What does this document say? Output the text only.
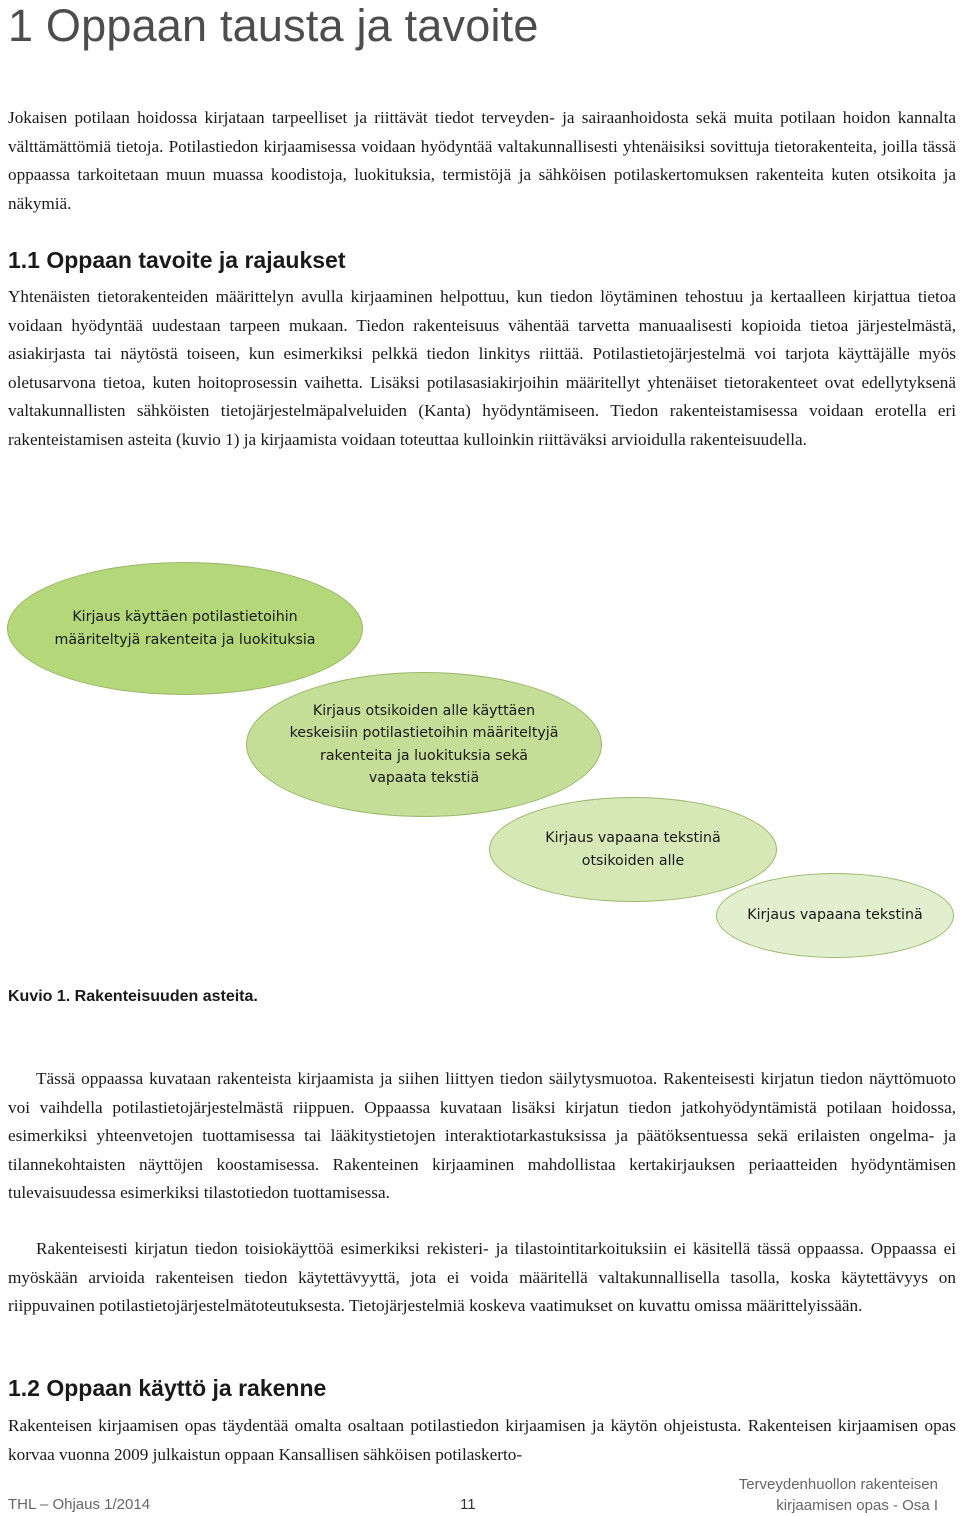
1 Oppaan tausta ja tavoite

Jokaisen potilaan hoidossa kirjataan tarpeelliset ja riittävät tiedot terveyden- ja sairaanhoidosta sekä muita potilaan hoidon kannalta välttämättömiä tietoja. Potilastiedon kirjaamisessa voidaan hyödyntää valtakunnallisesti yhtenäisiksi sovittuja tietorakenteita, joilla tässä oppaassa tarkoitetaan muun muassa koodistoja, luokituksia, termistöjä ja sähköisen potilaskertomuksen rakenteita kuten otsikoita ja näkymiä.

1.1 Oppaan tavoite ja rajaukset

Yhtenäisten tietorakenteiden määrittelyn avulla kirjaaminen helpottuu, kun tiedon löytäminen tehostuu ja kertaalleen kirjattua tietoa voidaan hyödyntää uudestaan tarpeen mukaan. Tiedon rakenteisuus vähentää tarvetta manuaalisesti kopioida tietoa järjestelmästä, asiakirjasta tai näytöstä toiseen, kun esimerkiksi pelkkä tiedon linkitys riittää. Potilastietojärjestelmä voi tarjota käyttäjälle myös oletusarvona tietoa, kuten hoitoprosessin vaihetta. Lisäksi potilasasiakirjoihin määritellyt yhtenäiset tietorakenteet ovat edellytyksenä valtakunnallisten sähköisten tietojärjestelmäpalveluiden (Kanta) hyödyntämiseen. Tiedon rakenteistamisessa voidaan erotella eri rakenteistamisen asteita (kuvio 1) ja kirjaamista voidaan toteuttaa kulloinkin riittäväksi arvioidulla rakenteisuudella.

Kirjaus käyttäen potilastietoihin
määriteltyjä rakenteita ja luokituksia
Kirjaus otsikoiden alle käyttäen
keskeisiin potilastietoihin määriteltyjä
rakenteita ja luokituksia sekä
vapaata tekstiä
Kirjaus vapaana tekstinä
otsikoiden alle
Kirjaus vapaana tekstinä

Kuvio 1. Rakenteisuuden asteita.

Tässä oppaassa kuvataan rakenteista kirjaamista ja siihen liittyen tiedon säilytysmuotoa. Rakenteisesti kirjatun tiedon näyttömuoto voi vaihdella potilastietojärjestelmästä riippuen. Oppaassa kuvataan lisäksi kirjatun tiedon jatkohyödyntämistä potilaan hoidossa, esimerkiksi yhteenvetojen tuottamisessa tai lääkitystietojen interaktiotarkastuksissa ja päätöksentuessa sekä erilaisten ongelma- ja tilannekohtaisten näyttöjen koostamisessa. Rakenteinen kirjaaminen mahdollistaa kertakirjauksen periaatteiden hyödyntämisen tulevaisuudessa esimerkiksi tilastotiedon tuottamisessa.

Rakenteisesti kirjatun tiedon toisiokäyttöä esimerkiksi rekisteri- ja tilastointitarkoituksiin ei käsitellä tässä oppaassa. Oppaassa ei myöskään arvioida rakenteisen tiedon käytettävyyttä, jota ei voida määritellä valtakunnallisella tasolla, koska käytettävyys on riippuvainen potilastietojärjestelmätoteutuksesta. Tietojärjestelmiä koskeva vaatimukset on kuvattu omissa määrittelyissään.

1.2 Oppaan käyttö ja rakenne

Rakenteisen kirjaamisen opas täydentää omalta osaltaan potilastiedon kirjaamisen ja käytön ohjeistusta. Rakenteisen kirjaamisen opas korvaa vuonna 2009 julkaistun oppaan Kansallisen sähköisen potilaskerto-

THL – Ohjaus 1/2014	11
Terveydenhuollon rakenteisen
kirjaamisen opas - Osa I
